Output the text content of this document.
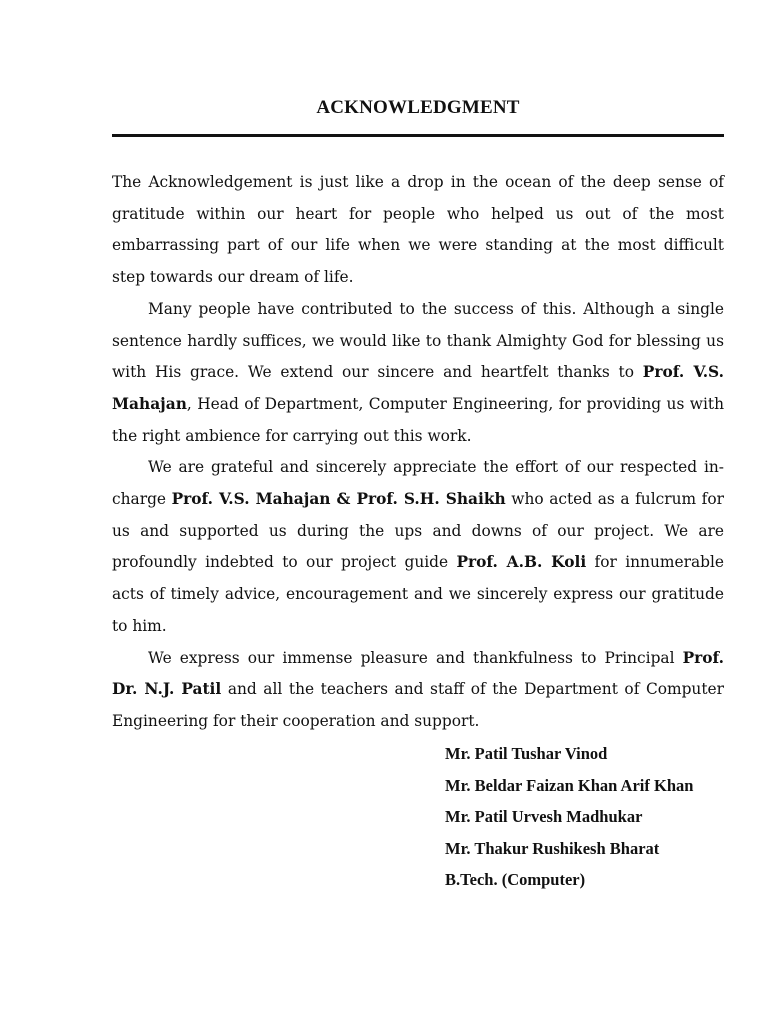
ACKNOWLEDGMENT

The Acknowledgement is just like a drop in the ocean of the deep sense of gratitude within our heart for people who helped us out of the most embarrassing part of our life when we were standing at the most difficult step towards our dream of life.

Many people have contributed to the success of this. Although a single sentence hardly suffices, we would like to thank Almighty God for blessing us with His grace. We extend our sincere and heartfelt thanks to Prof. V.S. Mahajan, Head of Department, Computer Engineering, for providing us with the right ambience for carrying out this work.

We are grateful and sincerely appreciate the effort of our respected in-charge Prof. V.S. Mahajan & Prof. S.H. Shaikh who acted as a fulcrum for us and supported us during the ups and downs of our project. We are profoundly indebted to our project guide Prof. A.B. Koli for innumerable acts of timely advice, encouragement and we sincerely express our gratitude to him.

We express our immense pleasure and thankfulness to Principal Prof. Dr. N.J. Patil and all the teachers and staff of the Department of Computer Engineering for their cooperation and support.

Mr. Patil Tushar Vinod
Mr. Beldar Faizan Khan Arif Khan
Mr. Patil Urvesh Madhukar
Mr. Thakur Rushikesh Bharat
B.Tech. (Computer)
